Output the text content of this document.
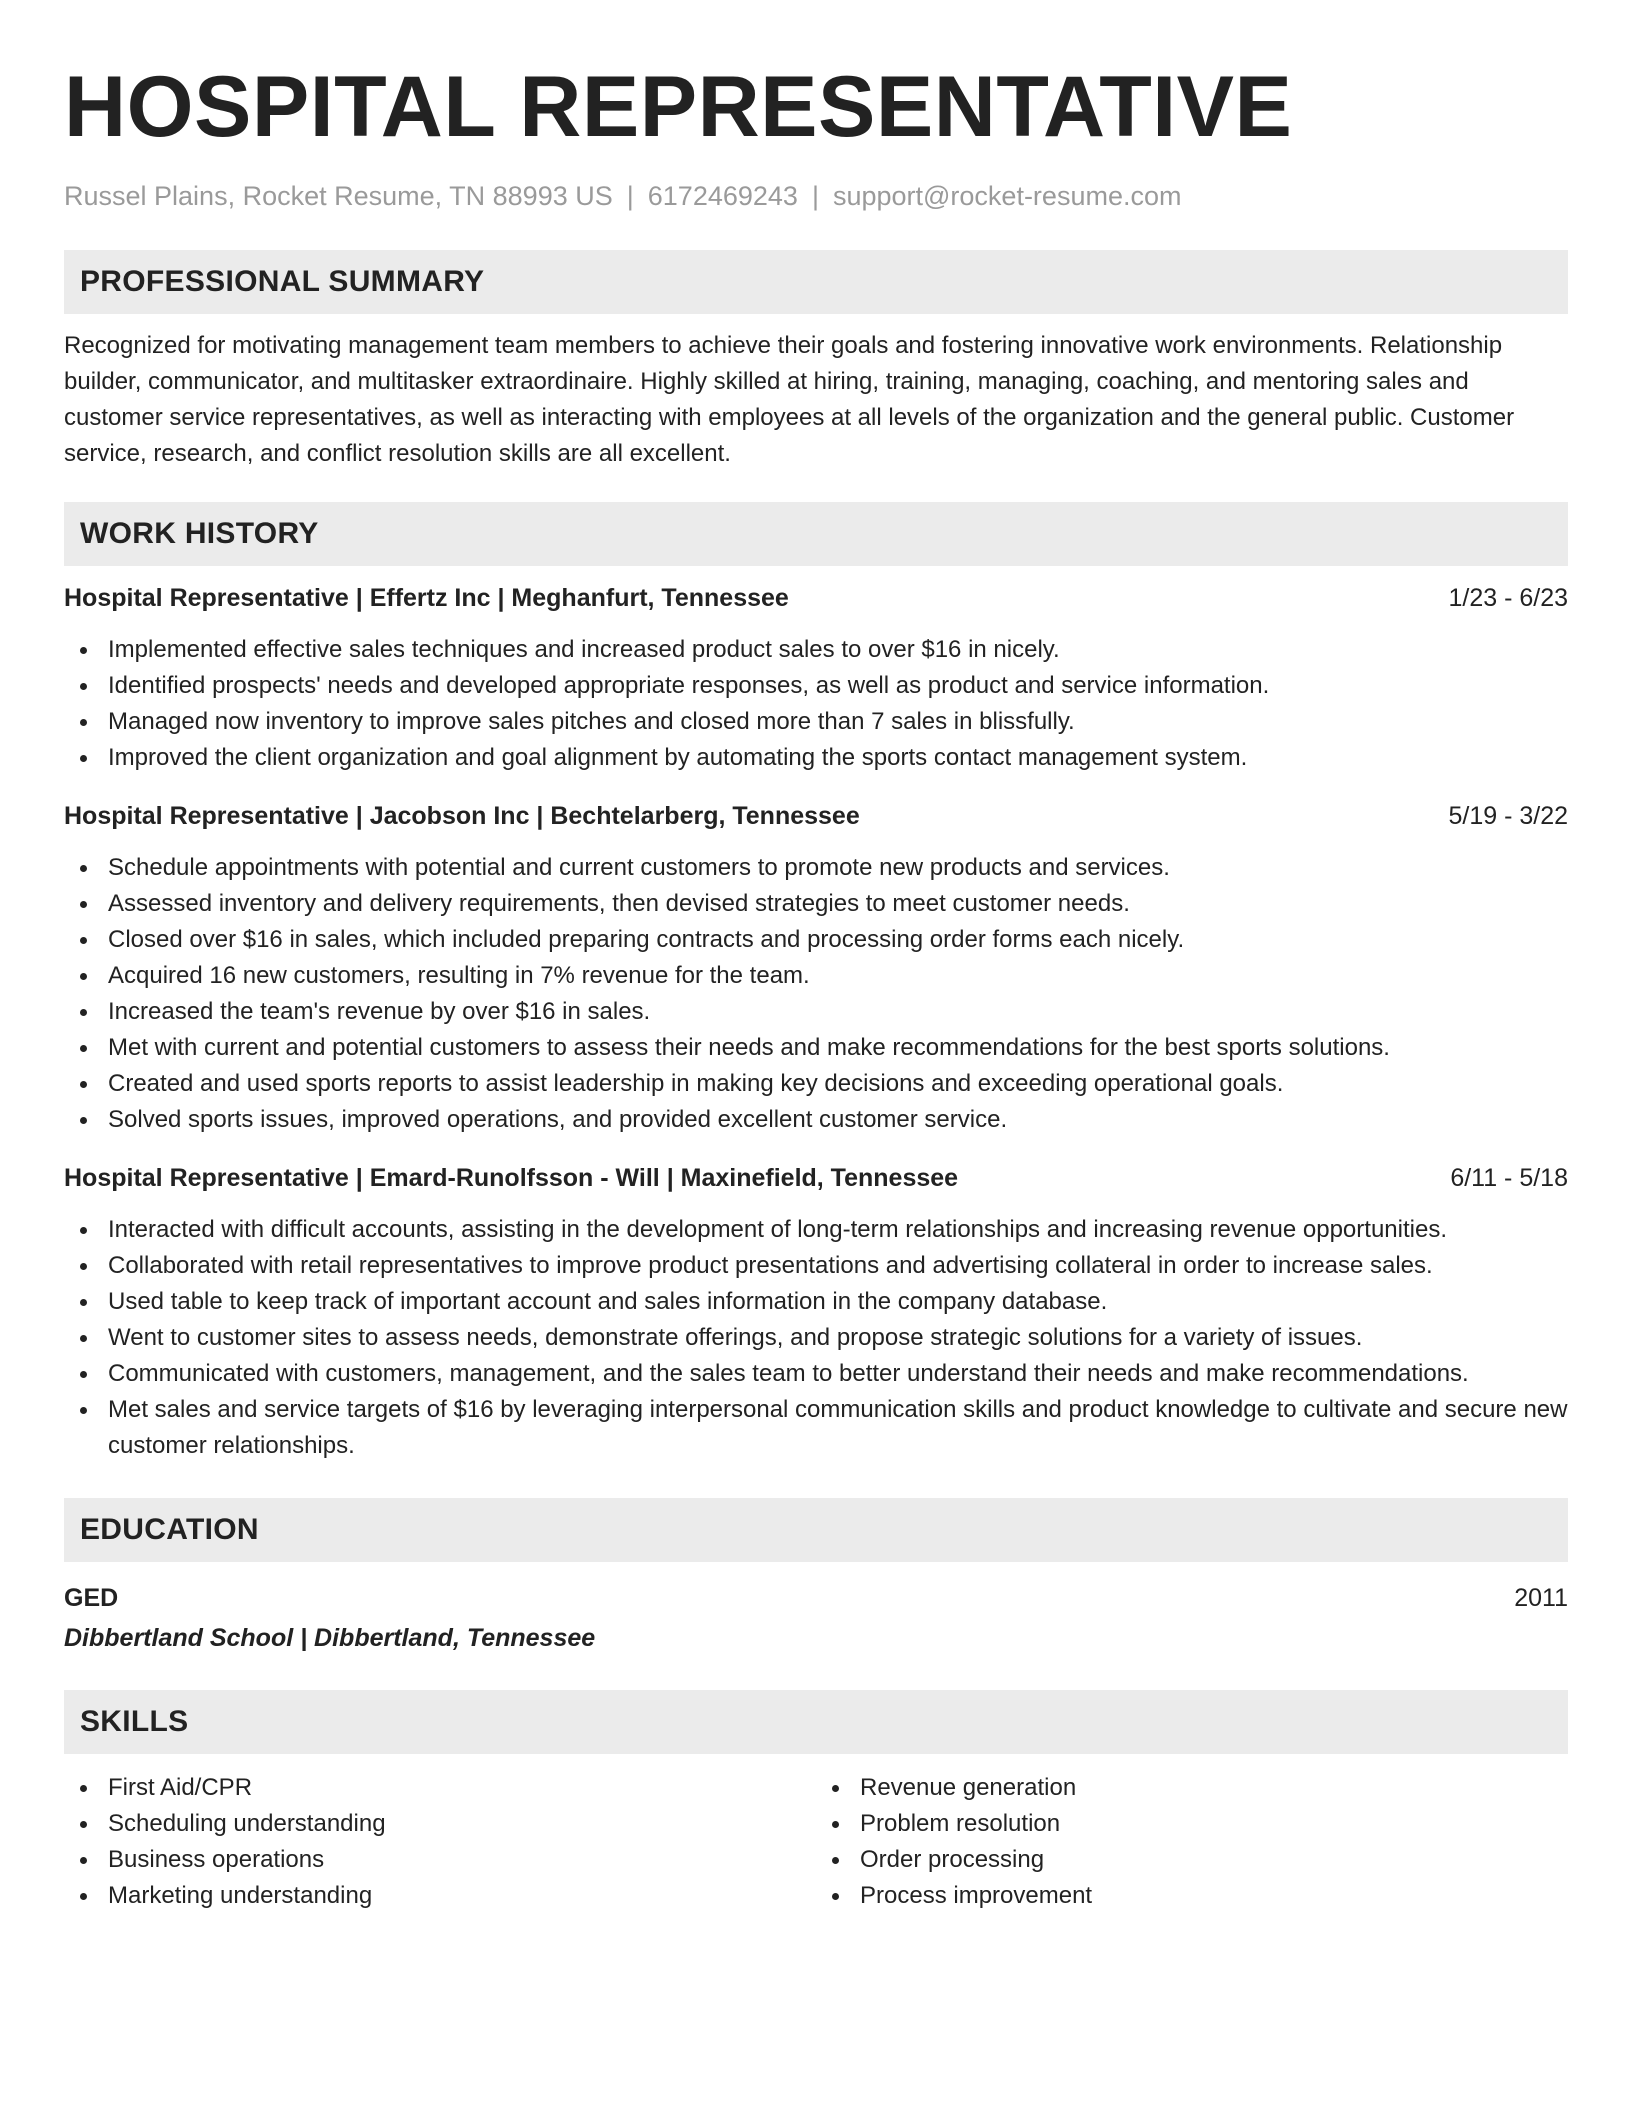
HOSPITAL REPRESENTATIVE
Russel Plains, Rocket Resume, TN 88993 US | 6172469243 | support@rocket-resume.com
PROFESSIONAL SUMMARY

Recognized for motivating management team members to achieve their goals and fostering innovative work environments. Relationship builder, communicator, and multitasker extraordinaire. Highly skilled at hiring, training, managing, coaching, and mentoring sales and customer service representatives, as well as interacting with employees at all levels of the organization and the general public. Customer service, research, and conflict resolution skills are all excellent.

WORK HISTORY
Hospital Representative | Effertz Inc | Meghanfurt, Tennessee	1/23 - 6/23
Implemented effective sales techniques and increased product sales to over $16 in nicely.
Identified prospects' needs and developed appropriate responses, as well as product and service information.
Managed now inventory to improve sales pitches and closed more than 7 sales in blissfully.
Improved the client organization and goal alignment by automating the sports contact management system.
Hospital Representative | Jacobson Inc | Bechtelarberg, Tennessee	5/19 - 3/22
Schedule appointments with potential and current customers to promote new products and services.
Assessed inventory and delivery requirements, then devised strategies to meet customer needs.
Closed over $16 in sales, which included preparing contracts and processing order forms each nicely.
Acquired 16 new customers, resulting in 7% revenue for the team.
Increased the team's revenue by over $16 in sales.
Met with current and potential customers to assess their needs and make recommendations for the best sports solutions.
Created and used sports reports to assist leadership in making key decisions and exceeding operational goals.
Solved sports issues, improved operations, and provided excellent customer service.
Hospital Representative | Emard-Runolfsson - Will | Maxinefield, Tennessee	6/11 - 5/18
Interacted with difficult accounts, assisting in the development of long-term relationships and increasing revenue opportunities.
Collaborated with retail representatives to improve product presentations and advertising collateral in order to increase sales.
Used table to keep track of important account and sales information in the company database.
Went to customer sites to assess needs, demonstrate offerings, and propose strategic solutions for a variety of issues.
Communicated with customers, management, and the sales team to better understand their needs and make recommendations.
Met sales and service targets of $16 by leveraging interpersonal communication skills and product knowledge to cultivate and secure new customer relationships.
EDUCATION
GED	2011
Dibbertland School | Dibbertland, Tennessee
SKILLS
First Aid/CPR
Scheduling understanding
Business operations
Marketing understanding
Revenue generation
Problem resolution
Order processing
Process improvement
